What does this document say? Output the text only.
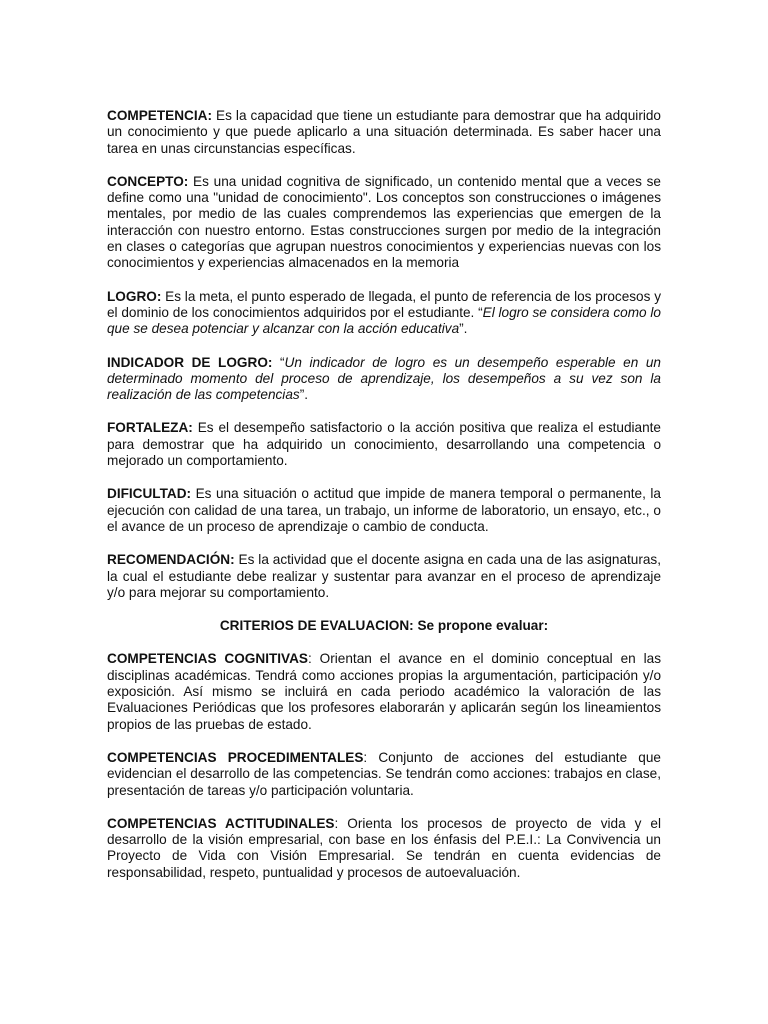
COMPETENCIA: Es la capacidad que tiene un estudiante para demostrar que ha adquirido un conocimiento y que puede aplicarlo a una situación determinada. Es saber hacer una tarea en unas circunstancias específicas.

CONCEPTO: Es una unidad cognitiva de significado, un contenido mental que a veces se define como una "unidad de conocimiento". Los conceptos son construcciones o imágenes mentales, por medio de las cuales comprendemos las experiencias que emergen de la interacción con nuestro entorno. Estas construcciones surgen por medio de la integración en clases o categorías que agrupan nuestros conocimientos y experiencias nuevas con los conocimientos y experiencias almacenados en la memoria

LOGRO: Es la meta, el punto esperado de llegada, el punto de referencia de los procesos y el dominio de los conocimientos adquiridos por el estudiante. “El logro se considera como lo que se desea potenciar y alcanzar con la acción educativa”.

INDICADOR DE LOGRO: “Un indicador de logro es un desempeño esperable en un determinado momento del proceso de aprendizaje, los desempeños a su vez son la realización de las competencias”.

FORTALEZA: Es el desempeño satisfactorio o la acción positiva que realiza el estudiante para demostrar que ha adquirido un conocimiento, desarrollando una competencia o mejorado un comportamiento.

DIFICULTAD: Es una situación o actitud que impide de manera temporal o permanente, la ejecución con calidad de una tarea, un trabajo, un informe de laboratorio, un ensayo, etc., o el avance de un proceso de aprendizaje o cambio de conducta.

RECOMENDACIÓN: Es la actividad que el docente asigna en cada una de las asignaturas, la cual el estudiante debe realizar y sustentar para avanzar en el proceso de aprendizaje y/o para mejorar su comportamiento.

CRITERIOS DE EVALUACION: Se propone evaluar:

COMPETENCIAS COGNITIVAS: Orientan el avance en el dominio conceptual en las disciplinas académicas. Tendrá como acciones propias la argumentación, participación y/o exposición. Así mismo se incluirá en cada periodo académico la valoración de las Evaluaciones Periódicas que los profesores elaborarán y aplicarán según los lineamientos propios de las pruebas de estado.

COMPETENCIAS PROCEDIMENTALES: Conjunto de acciones del estudiante que evidencian el desarrollo de las competencias. Se tendrán como acciones: trabajos en clase, presentación de tareas y/o participación voluntaria.

COMPETENCIAS ACTITUDINALES: Orienta los procesos de proyecto de vida y el desarrollo de la visión empresarial, con base en los énfasis del P.E.I.: La Convivencia un Proyecto de Vida con Visión Empresarial. Se tendrán en cuenta evidencias de responsabilidad, respeto, puntualidad y procesos de autoevaluación.
